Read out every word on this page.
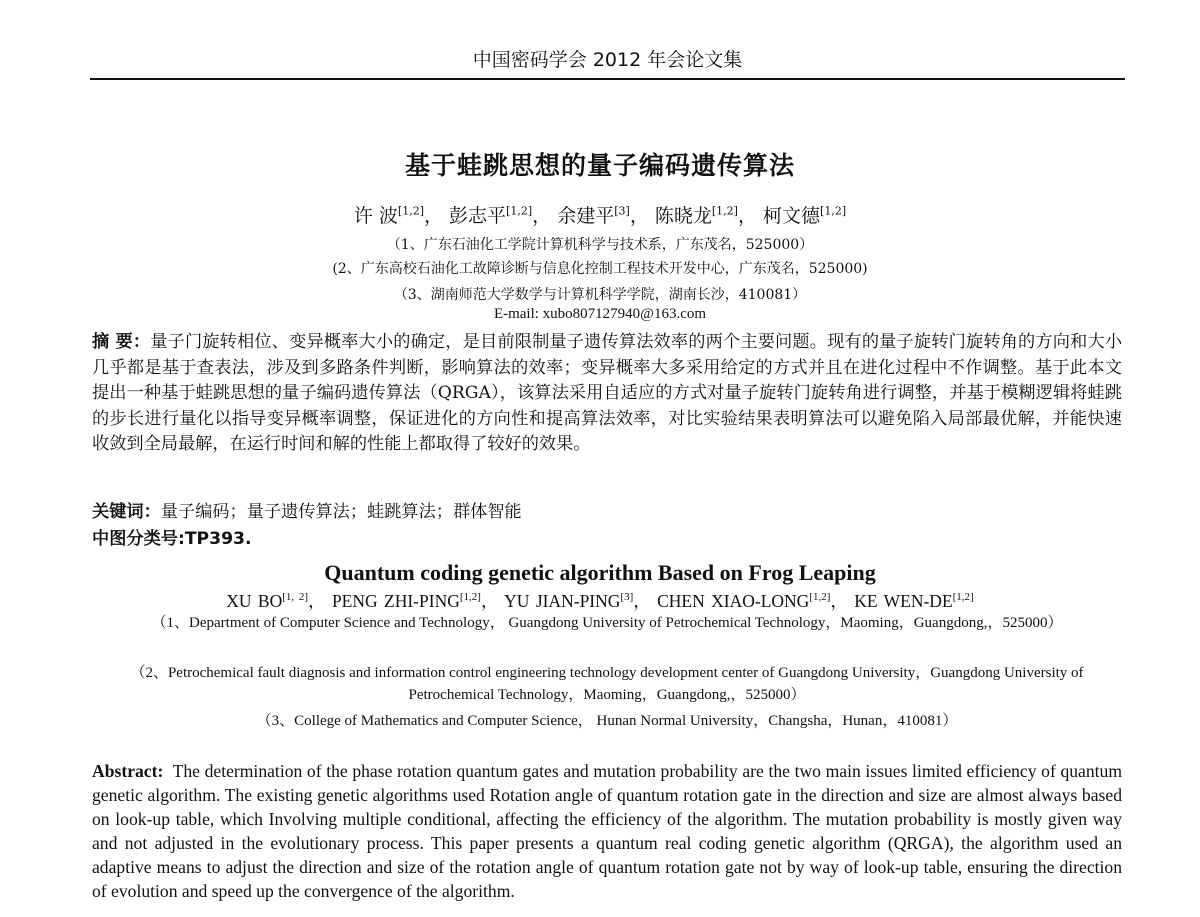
中国密码学会 2012 年会论文集
基于蛙跳思想的量子编码遗传算法
许 波[1,2]， 彭志平[1,2]， 余建平[3]， 陈晓龙[1,2]， 柯文德[1,2]
（1、广东石油化工学院计算机科学与技术系，广东茂名，525000）
(2、广东高校石油化工故障诊断与信息化控制工程技术开发中心，广东茂名，525000)
（3、湖南师范大学数学与计算机科学学院，湖南长沙，410081）
E-mail: xubo807127940@163.com
摘 要：量子门旋转相位、变异概率大小的确定，是目前限制量子遗传算法效率的两个主要问题。现有的量子旋转门旋转角的方向和大小几乎都是基于查表法，涉及到多路条件判断，影响算法的效率；变异概率大多采用给定的方式并且在进化过程中不作调整。基于此本文提出一种基于蛙跳思想的量子编码遗传算法（QRGA），该算法采用自适应的方式对量子旋转门旋转角进行调整，并基于模糊逻辑将蛙跳的步长进行量化以指导变异概率调整，保证进化的方向性和提高算法效率，对比实验结果表明算法可以避免陷入局部最优解，并能快速收敛到全局最解，在运行时间和解的性能上都取得了较好的效果。
关键词：量子编码；量子遗传算法；蛙跳算法；群体智能
中图分类号:TP393.
Quantum coding genetic algorithm Based on Frog Leaping
XU BO[1, 2]， PENG ZHI-PING[1,2]， YU JIAN-PING[3]， CHEN XIAO-LONG[1,2]， KE WEN-DE[1,2]
（1、Department of Computer Science and Technology， Guangdong University of Petrochemical Technology，Maoming，Guangdong,，525000）
（2、Petrochemical fault diagnosis and information control engineering technology development center of Guangdong University，Guangdong University of Petrochemical Technology，Maoming，Guangdong,，525000）
（3、College of Mathematics and Computer Science， Hunan Normal University，Changsha，Hunan，410081）
Abstract: The determination of the phase rotation quantum gates and mutation probability are the two main issues limited efficiency of quantum genetic algorithm. The existing genetic algorithms used Rotation angle of quantum rotation gate in the direction and size are almost always based on look-up table, which Involving multiple conditional, affecting the efficiency of the algorithm. The mutation probability is mostly given way and not adjusted in the evolutionary process. This paper presents a quantum real coding genetic algorithm (QRGA), the algorithm used an adaptive means to adjust the direction and size of the rotation angle of quantum rotation gate not by way of look-up table, ensuring the direction of evolution and speed up the convergence of the algorithm.
